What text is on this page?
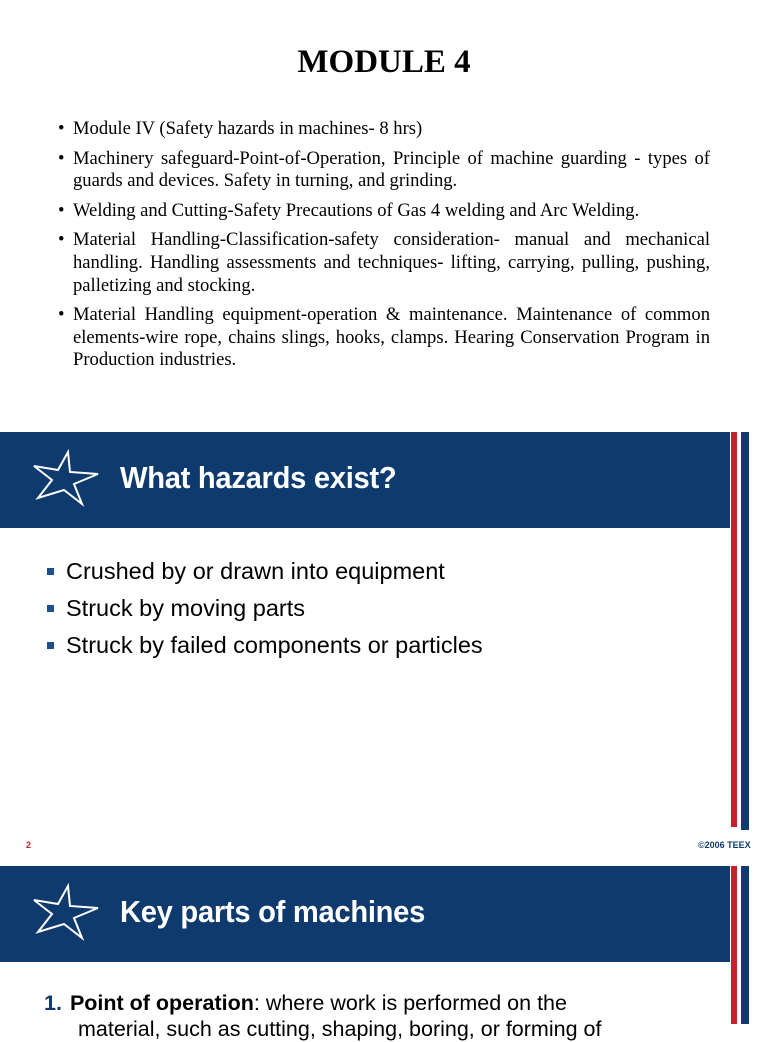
MODULE 4
• Module IV (Safety hazards in machines- 8 hrs)
• Machinery safeguard-Point-of-Operation, Principle of machine guarding - types of guards and devices. Safety in turning, and grinding.
• Welding and Cutting-Safety Precautions of Gas 4 welding and Arc Welding.
• Material Handling-Classification-safety consideration- manual and mechanical handling. Handling assessments and techniques- lifting, carrying, pulling, pushing, palletizing and stocking.
• Material Handling equipment-operation & maintenance. Maintenance of common elements-wire rope, chains slings, hooks, clamps. Hearing Conservation Program in Production industries.
What hazards exist?
Crushed by or drawn into equipment
Struck by moving parts
Struck by failed components or particles
2	©2006 TEEX
Key parts of machines
1. Point of operation: where work is performed on the
material, such as cutting, shaping, boring, or forming of
